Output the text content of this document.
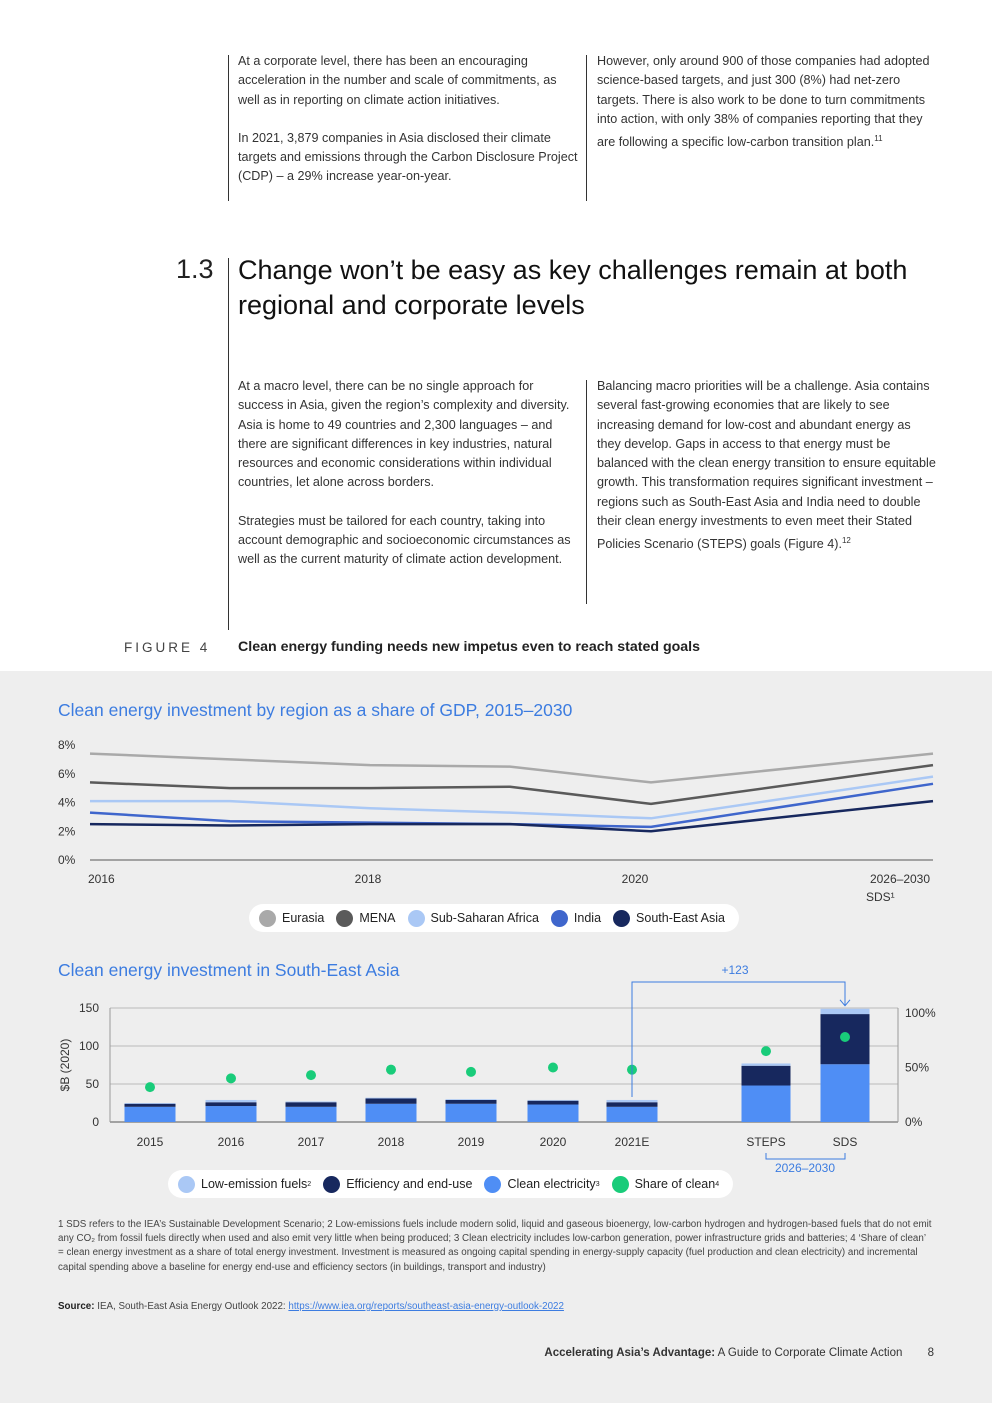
At a corporate level, there has been an encouraging acceleration in the number and scale of commitments, as well as in reporting on climate action initiatives.

In 2021, 3,879 companies in Asia disclosed their climate targets and emissions through the Carbon Disclosure Project (CDP) – a 29% increase year-on-year.

However, only around 900 of those companies had adopted science-based targets, and just 300 (8%) had net-zero targets. There is also work to be done to turn commitments into action, with only 38% of companies reporting that they are following a specific low-carbon transition plan.$^{11}$

1.3 Change won’t be easy as key challenges remain at both regional and corporate levels

At a macro level, there can be no single approach for success in Asia, given the region’s complexity and diversity. Asia is home to 49 countries and 2,300 languages – and there are significant differences in key industries, natural resources and economic considerations within individual countries, let alone across borders.

Strategies must be tailored for each country, taking into account demographic and socioeconomic circumstances as well as the current maturity of climate action development.

Balancing macro priorities will be a challenge. Asia contains several fast-growing economies that are likely to see increasing demand for low-cost and abundant energy as they develop. Gaps in access to that energy must be balanced with the clean energy transition to ensure equitable growth. This transformation requires significant investment – regions such as South-East Asia and India need to double their clean energy investments to even meet their Stated Policies Scenario (STEPS) goals (Figure 4).$^{12}$

FIGURE 4 Clean energy funding needs new impetus even to reach stated goals
Clean energy investment by region as a share of GDP, 2015–2030
0%
2%
4%
6%
8%
2016	2018	2020	2026–2030
SDS¹
Eurasia	MENA	Sub-Saharan Africa	India	South-East Asia
Clean energy investment in South-East Asia
0
50
100
150
$B (2020)
0%
50%
100%
2015	2016	2017	2018	2019	2020	2021E	STEPS	SDS
+123
2026–2030
Low-emission fuels 2	Efficiency and end-use	Clean electricity 3	Share of clean 4
1 SDS refers to the IEA’s Sustainable Development Scenario; 2 Low-emissions fuels include modern solid, liquid and gaseous bioenergy, low-carbon hydrogen and hydrogen-based fuels that do not emit any CO₂ from fossil fuels directly when used and also emit very little when being produced; 3 Clean electricity includes low-carbon generation, power infrastructure grids and batteries; 4 ‘Share of clean’ = clean energy investment as a share of total energy investment. Investment is measured as ongoing capital spending in energy-supply capacity (fuel production and clean electricity) and incremental capital spending above a baseline for energy end-use and efficiency sectors (in buildings, transport and industry)
Source: IEA, South-East Asia Energy Outlook 2022: https://www.iea.org/reports/southeast-asia-energy-outlook-2022
Accelerating Asia’s Advantage: A Guide to Corporate Climate Action 8
